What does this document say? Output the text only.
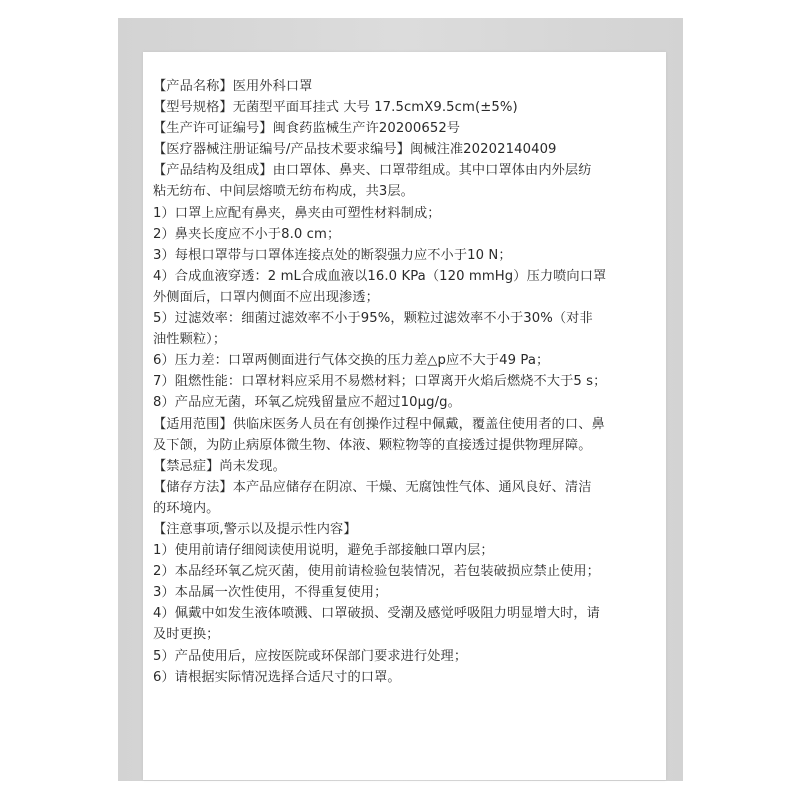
【产品名称】医用外科口罩
【型号规格】无菌型平面耳挂式 大号 17.5cmX9.5cm(±5%)
【生产许可证编号】闽食药监械生产许20200652号
【医疗器械注册证编号/产品技术要求编号】闽械注准20202140409
【产品结构及组成】由口罩体、鼻夹、口罩带组成。其中口罩体由内外层纺
粘无纺布、中间层熔喷无纺布构成，共3层。
1）口罩上应配有鼻夹，鼻夹由可塑性材料制成；
2）鼻夹长度应不小于8.0 cm；
3）每根口罩带与口罩体连接点处的断裂强力应不小于10 N；
4）合成血液穿透：2 mL合成血液以16.0 KPa（120 mmHg）压力喷向口罩
外侧面后，口罩内侧面不应出现渗透；
5）过滤效率：细菌过滤效率不小于95%，颗粒过滤效率不小于30%（对非
油性颗粒）；
6）压力差：口罩两侧面进行气体交换的压力差△p应不大于49 Pa；
7）阻燃性能：口罩材料应采用不易燃材料；口罩离开火焰后燃烧不大于5 s；
8）产品应无菌，环氧乙烷残留量应不超过10μg/g。
【适用范围】供临床医务人员在有创操作过程中佩戴，覆盖住使用者的口、鼻
及下颌，为防止病原体微生物、体液、颗粒物等的直接透过提供物理屏障。
【禁忌症】尚未发现。
【储存方法】本产品应储存在阴凉、干燥、无腐蚀性气体、通风良好、清洁
的环境内。
【注意事项,警示以及提示性内容】
1）使用前请仔细阅读使用说明，避免手部接触口罩内层；
2）本品经环氧乙烷灭菌，使用前请检验包装情况，若包装破损应禁止使用；
3）本品属一次性使用，不得重复使用；
4）佩戴中如发生液体喷溅、口罩破损、受潮及感觉呼吸阻力明显增大时，请
及时更换；
5）产品使用后，应按医院或环保部门要求进行处理；
6）请根据实际情况选择合适尺寸的口罩。
